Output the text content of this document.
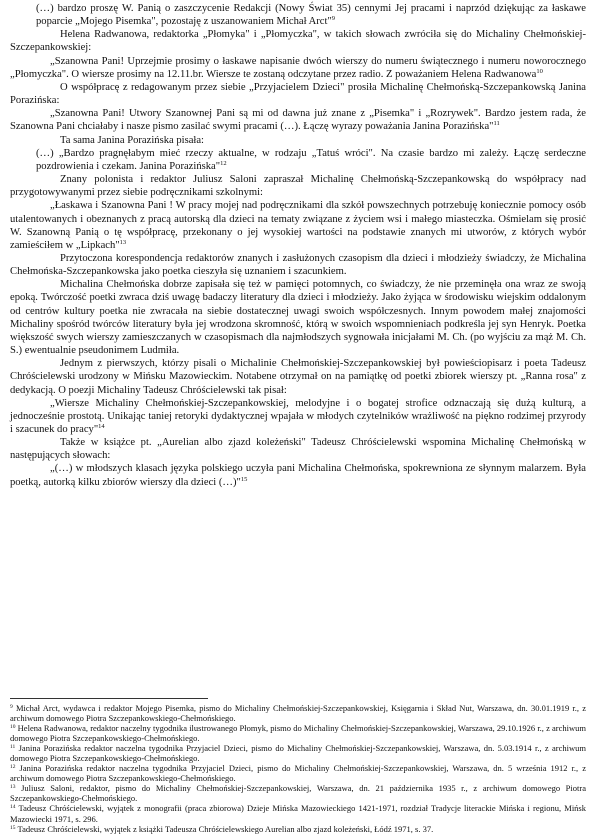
(…) bardzo proszę W. Panią o zaszczycenie Redakcji (Nowy Świat 35) cennymi Jej pracami i naprzód dziękując za łaskawe poparcie „Mojego Pisemka", pozostaję z uszanowaniem Michał Arct"$^9$

Helena Radwanowa, redaktorka „Płomyka" i „Płomyczka", w takich słowach zwróciła się do Michaliny Chełmońskiej-Szczepankowskiej:

„Szanowna Pani! Uprzejmie prosimy o łaskawe napisanie dwóch wierszy do numeru świątecznego i numeru noworocznego „Płomyczka". O wiersze prosimy na 12.11.br. Wiersze te zostaną odczytane przez radio. Z poważaniem Helena Radwanowa$^{10}$

O współpracę z redagowanym przez siebie „Przyjacielem Dzieci" prosiła Michalinę Chełmońską-Szczepankowską Janina Porazińska:

„Szanowna Pani! Utwory Szanownej Pani są mi od dawna już znane z „Pisemka" i „Rozrywek". Bardzo jestem rada, że Szanowna Pani chciałaby i nasze pismo zasilać swymi pracami (…). Łączę wyrazy poważania Janina Porazińska"$^{11}$

Ta sama Janina Porazińska pisała:

(…) „Bardzo pragnęłabym mieć rzeczy aktualne, w rodzaju „Tatuś wróci". Na czasie bardzo mi zależy. Łączę serdeczne pozdrowienia i czekam. Janina Porazińska"$^{12}$

Znany polonista i redaktor Juliusz Saloni zapraszał Michalinę Chełmońską-Szczepankowską do współpracy nad przygotowywanymi przez siebie podręcznikami szkolnymi:

„Łaskawa i Szanowna Pani ! W pracy mojej nad podręcznikami dla szkół powszechnych potrzebuję koniecznie pomocy osób utalentowanych i obeznanych z pracą autorską dla dzieci na tematy związane z życiem wsi i małego miasteczka. Ośmielam się prosić W. Szanowną Panią o tę współpracę, przekonany o jej wysokiej wartości na podstawie znanych mi utworów, z których wybór zamieściłem w „Lipkach"$^{13}$

Przytoczona korespondencja redaktorów znanych i zasłużonych czasopism dla dzieci i młodzieży świadczy, że Michalina Chełmońska-Szczepankowska jako poetka cieszyła się uznaniem i szacunkiem.

Michalina Chełmońska dobrze zapisała się też w pamięci potomnych, co świadczy, że nie przeminęła ona wraz ze swoją epoką. Twórczość poetki zwraca dziś uwagę badaczy literatury dla dzieci i młodzieży. Jako żyjąca w środowisku wiejskim oddalonym od centrów kultury poetka nie zwracała na siebie dostatecznej uwagi swoich współczesnych. Innym powodem małej znajomości Michaliny spośród twórców literatury była jej wrodzona skromność, którą w swoich wspomnieniach podkreśla jej syn Henryk. Poetka większość swych wierszy zamieszczanych w czasopismach dla najmłodszych sygnowała inicjałami M. Ch. (po wyjściu za mąż M. Ch. S.) ewentualnie pseudonimem Ludmiła.

Jednym z pierwszych, którzy pisali o Michalinie Chełmońskiej-Szczepankowskiej był powieściopisarz i poeta Tadeusz Chróścielewski urodzony w Mińsku Mazowieckim. Notabene otrzymał on na pamiątkę od poetki zbiorek wierszy pt. „Ranna rosa" z dedykacją. O poezji Michaliny Tadeusz Chróścielewski tak pisał:

„Wiersze Michaliny Chełmońskiej-Szczepankowskiej, melodyjne i o bogatej strofice odznaczają się dużą kulturą, a jednocześnie prostotą. Unikając taniej retoryki dydaktycznej wpajała w młodych czytelników wrażliwość na piękno rodzimej przyrody i szacunek do pracy"$^{14}$

Także w książce pt. „Aurelian albo zjazd koleżeński" Tadeusz Chróścielewski wspomina Michalinę Chełmońską w następujących słowach:

„(…) w młodszych klasach języka polskiego uczyła pani Michalina Chełmońska, spokrewniona ze słynnym malarzem. Była poetką, autorką kilku zbiorów wierszy dla dzieci (…)"$^{15}$

$^9$ Michał Arct, wydawca i redaktor Mojego Pisemka, pismo do Michaliny Chełmońskiej-Szczepankowskiej, Księgarnia i Skład Nut, Warszawa, dn. 30.01.1919 r., z archiwum domowego Piotra Szczepankowskiego-Chełmońskiego.

$^{10}$ Helena Radwanowa, redaktor naczelny tygodnika ilustrowanego Płomyk, pismo do Michaliny Chełmońskiej-Szczepankowskiej, Warszawa, 29.10.1926 r., z archiwum domowego Piotra Szczepankowskiego-Chełmońskiego.

$^{11}$ Janina Porazińska redaktor naczelna tygodnika Przyjaciel Dzieci, pismo do Michaliny Chełmońskiej-Szczepankowskiej, Warszawa, dn. 5.03.1914 r., z archiwum domowego Piotra Szczepankowskiego-Chełmońskiego.

$^{12}$ Janina Porazińska redaktor naczelna tygodnika Przyjaciel Dzieci, pismo do Michaliny Chełmońskiej-Szczepankowskiej, Warszawa, dn. 5 września 1912 r., z archiwum domowego Piotra Szczepankowskiego-Chełmońskiego.

$^{13}$ Juliusz Saloni, redaktor, pismo do Michaliny Chełmońskiej-Szczepankowskiej, Warszawa, dn. 21 października 1935 r., z archiwum domowego Piotra Szczepankowskiego-Chełmońskiego.

$^{14}$ Tadeusz Chróścielewski, wyjątek z monografii (praca zbiorowa) Dzieje Mińska Mazowieckiego 1421-1971, rozdział Tradycje literackie Mińska i regionu, Mińsk Mazowiecki 1971, s. 296.

$^{15}$ Tadeusz Chróścielewski, wyjątek z książki Tadeusza Chróścielewskiego Aurelian albo zjazd koleżeński, Łódź 1971, s. 37.
